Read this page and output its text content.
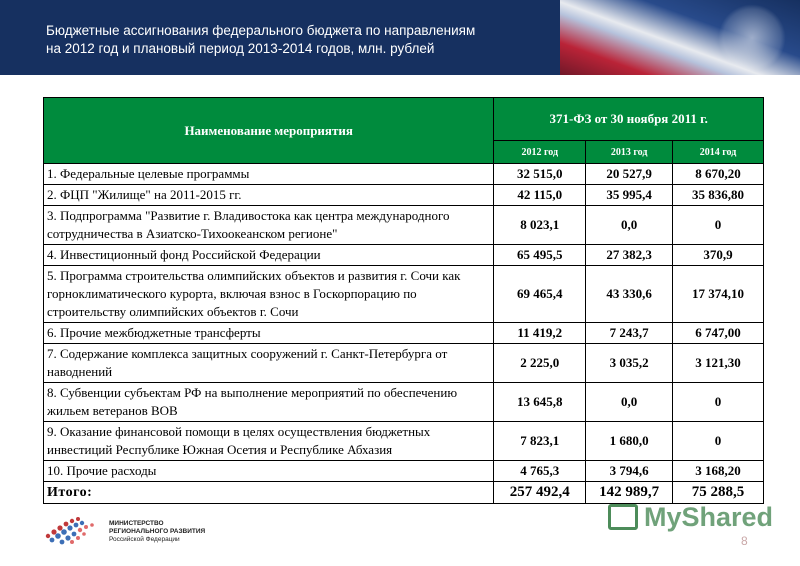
Бюджетные ассигнования федерального бюджета по направлениям
на 2012 год и плановый период 2013-2014 годов, млн. рублей
Наименование мероприятия	371-ФЗ от 30 ноября 2011 г.		
	2012 год	2013 год	2014 год
1. Федеральные целевые программы	32 515,0	20 527,9	8 670,20
2. ФЦП "Жилище" на 2011-2015 гг.	42 115,0	35 995,4	35 836,80
3. Подпрограмма "Развитие г. Владивостока как центра международного сотрудничества в Азиатско-Тихоокеанском регионе"	8 023,1	0,0	0
4. Инвестиционный фонд Российской Федерации	65 495,5	27 382,3	370,9
5. Программа строительства олимпийских объектов и развития г. Сочи как горноклиматического курорта, включая взнос в Госкорпорацию по строительству олимпийских объектов г. Сочи	69 465,4	43 330,6	17 374,10
6. Прочие межбюджетные трансферты	11 419,2	7 243,7	6 747,00
7. Содержание комплекса защитных сооружений г. Санкт-Петербурга от наводнений	2 225,0	3 035,2	3 121,30
8. Субвенции субъектам РФ на выполнение мероприятий по обеспечению жильем ветеранов ВОВ	13 645,8	0,0	0
9. Оказание финансовой помощи в целях осуществления бюджетных инвестиций Республике Южная Осетия и Республике Абхазия	7 823,1	1 680,0	0
10. Прочие расходы	4 765,3	3 794,6	3 168,20
Итого:	257 492,4	142 989,7	75 288,5
МИНИСТЕРСТВО
РЕГИОНАЛЬНОГО РАЗВИТИЯ
Российской Федерации
MyShared
8
